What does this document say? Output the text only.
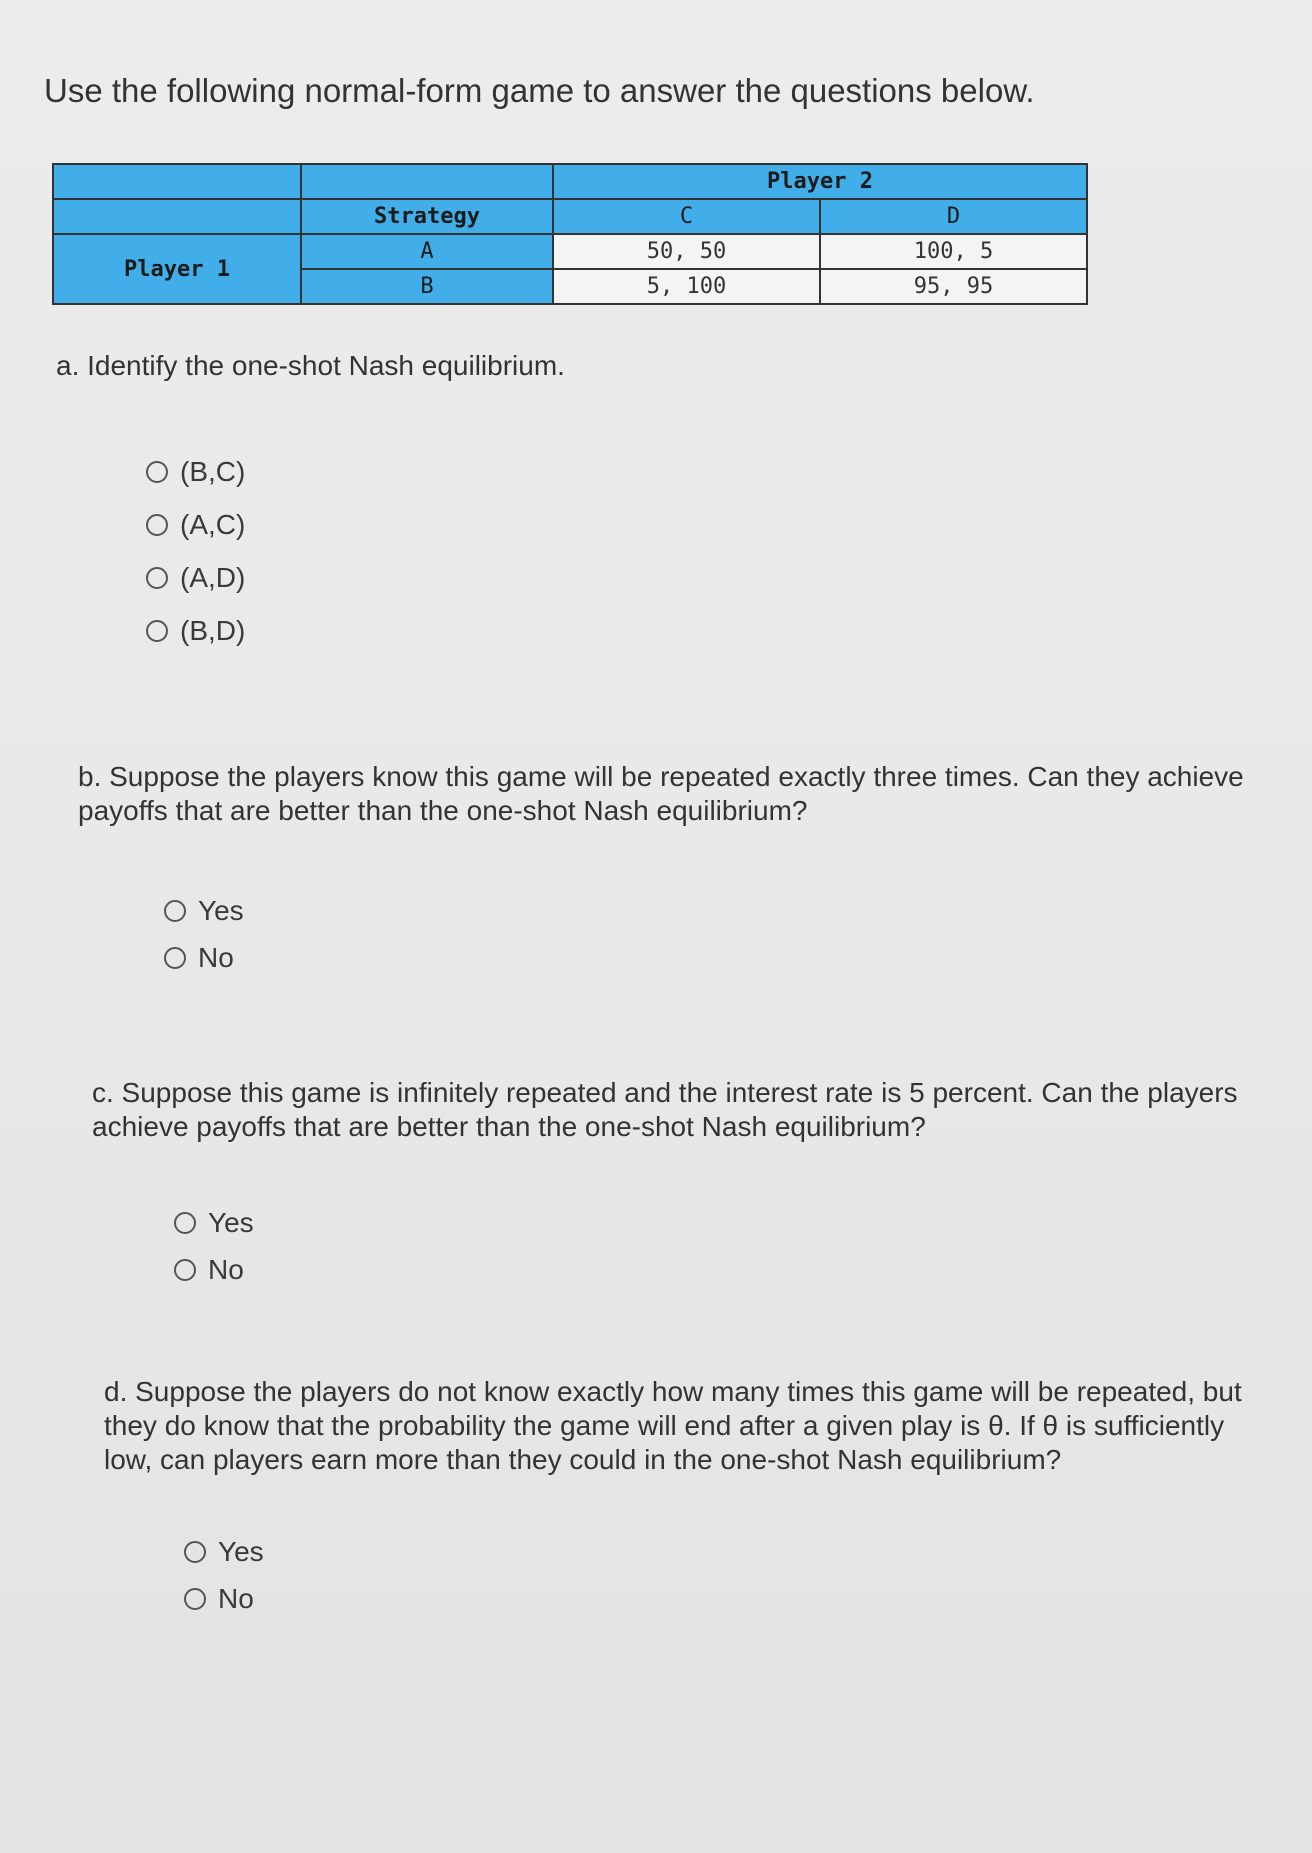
Use the following normal-form game to answer the questions below.
		Player 2	
	Strategy	C	D
Player 1	A	50, 50	100, 5
	B	5, 100	95, 95
a. Identify the one-shot Nash equilibrium.
(B,C)
(A,C)
(A,D)
(B,D)
b. Suppose the players know this game will be repeated exactly three times. Can they achieve payoffs that are better than the one-shot Nash equilibrium?
Yes
No
c. Suppose this game is infinitely repeated and the interest rate is 5 percent. Can the players achieve payoffs that are better than the one-shot Nash equilibrium?
Yes
No
d. Suppose the players do not know exactly how many times this game will be repeated, but they do know that the probability the game will end after a given play is θ. If θ is sufficiently low, can players earn more than they could in the one-shot Nash equilibrium?
Yes
No
